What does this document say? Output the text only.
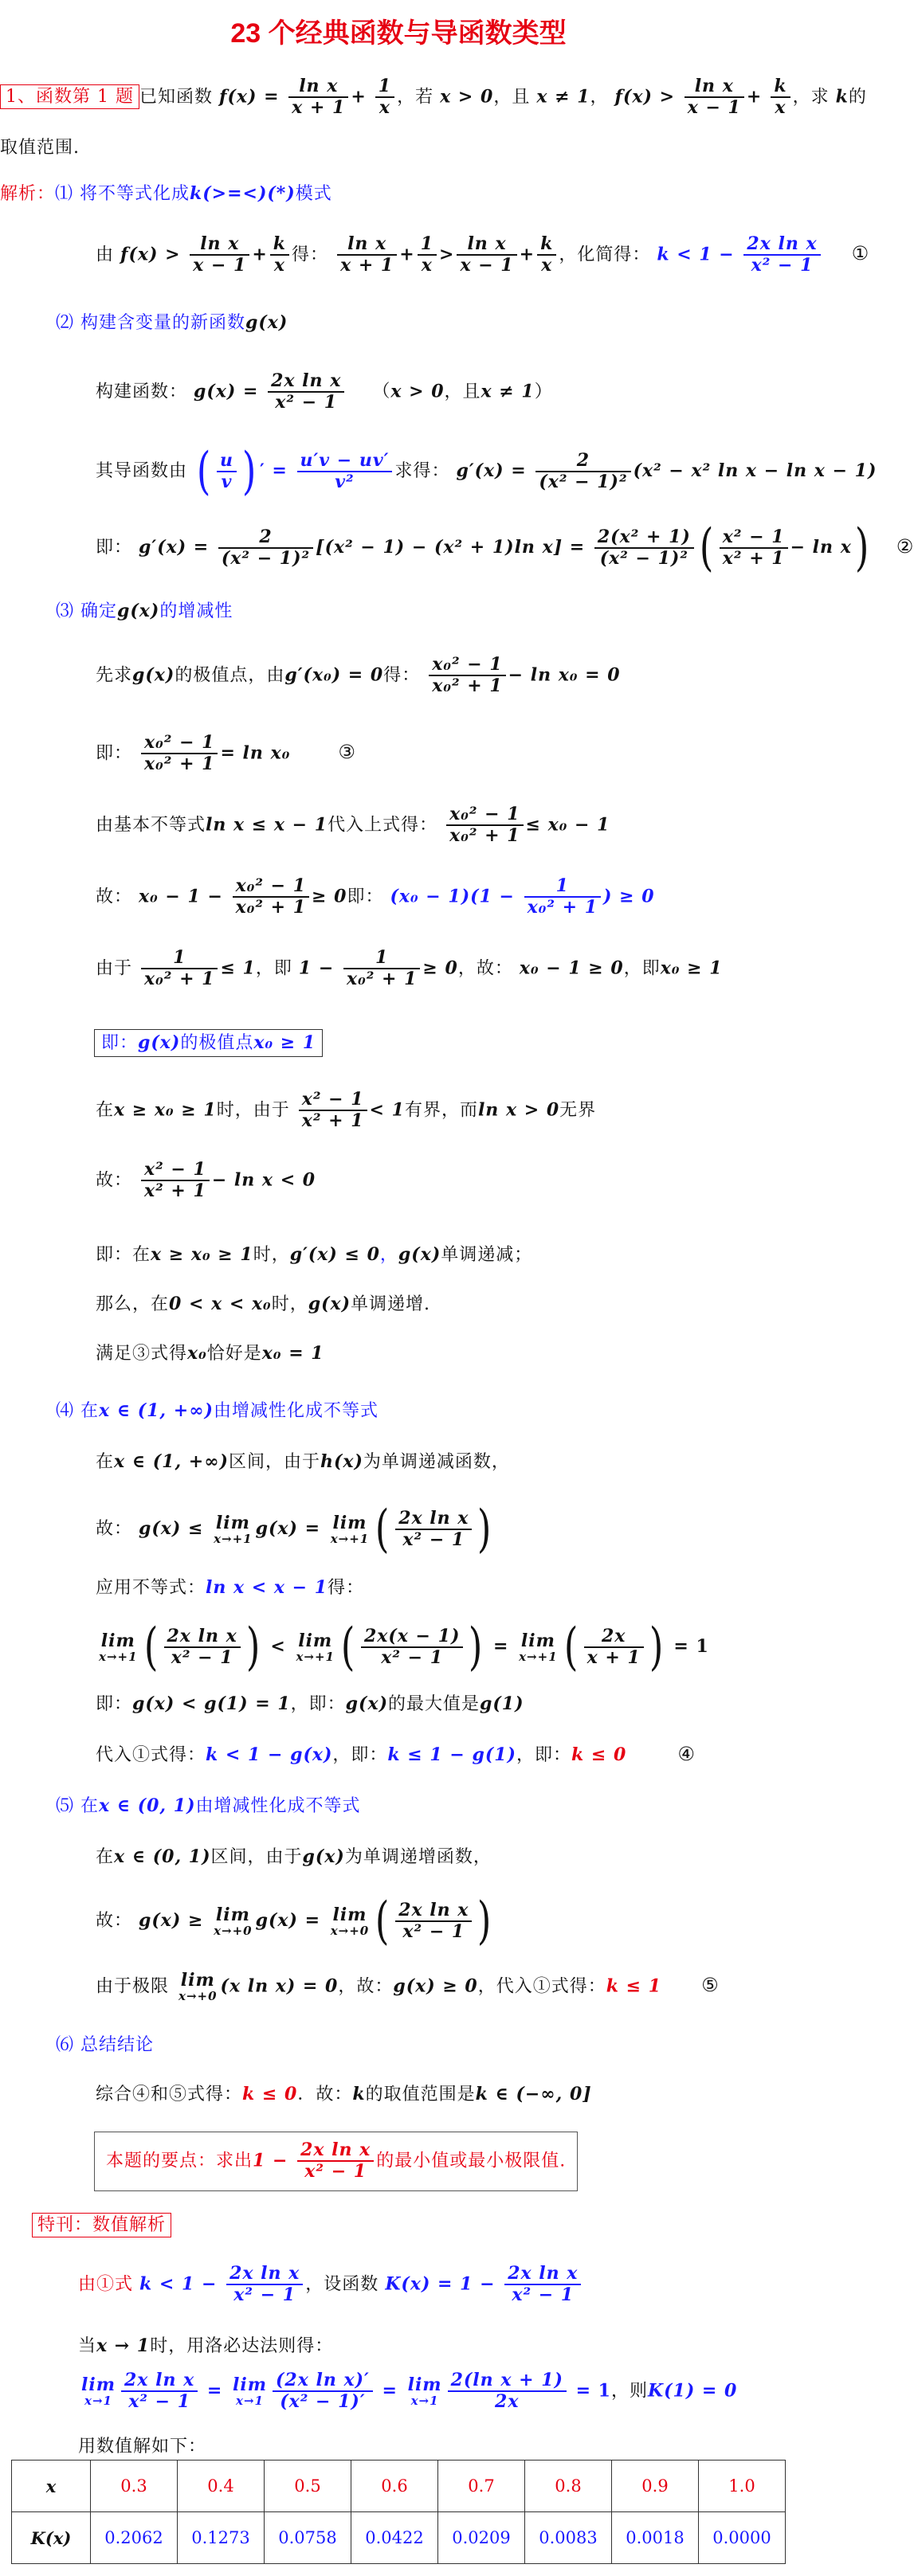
23 个经典函数与导函数类型
1、函数第 1 题 已知函数 $f(x) = \frac{\text{ln x}}{x + 1} + \frac{1}{x}$ ，若 x > 0，且 x ≠ 1， $f(x) > \frac{\text{ln x}}{x - 1} + \frac{k}{x}$ ，求 k的
取值范围.
解析：⑴ 将不等式化成k(>=<)(*)模式
由 $f(x) > \frac{\text{ln x}}{x - 1} + \frac{k}{x}$ 得： $\frac{\text{ln x}}{x + 1} + \frac{1}{x} > \frac{\text{ln x}}{x - 1} + \frac{k}{x}$ ，化简得： $k < 1 - \frac{\text{2x ln x}}{\text{x² − 1}}$ ①
⑵ 构建含变量的新函数g(x)
构建函数： $g(x) = \frac{\text{2x ln x}}{\text{x² − 1}} (x > 0$，且x ≠ 1）
其导函数由 ( $\frac{u}{v}$ ) ′ = $\frac{u'v - uv'}{\text{v²}}$ 求得： $g'(x) = \frac{2}{\text{(x² − 1)²}} (x^2 - x^2$ ln x − ln x − 1)
即： $g'(x) = \frac{2}{\text{(x² − 1)²}} [(x^2 - 1) - (x^2 + 1)\ln$ $x] = \frac{\text{2(x² + 1)}}{\text{(x² − 1)²}}$ ( $\frac{\text{x² − 1}}{\text{x² + 1}} - \ln x$) ②
⑶ 确定g(x)的增减性
先求g(x)的极值点，由g′(x₀) = 0得： $\frac{\text{x₀² − 1}}{\text{x₀² + 1}} - \ln x_0 = 0$
即： $\frac{\text{x₀² − 1}}{\text{x₀² + 1}} = \ln x_0$	③
由基本不等式ln x ≤ x − 1代入上式得： $\frac{\text{x₀² − 1}}{\text{x₀² + 1}} \le x_0 - 1$
故： $x_0 - 1 - \frac{\text{x₀² − 1}}{\text{x₀² + 1}} \ge 0$即： $(x_0 - 1)(1 - \frac{1}{\text{x₀² + 1}}$ ) ≥ 0
由于 $\frac{1}{\text{x₀² + 1}} \le 1$，即 $1 - \frac{1}{\text{x₀² + 1}} \ge 0$，故： x₀ − 1 ≥ 0，即x₀ ≥ 1
即：g(x)的极值点x₀ ≥ 1
在x ≥ x₀ ≥ 1时，由于 $\frac{\text{x² − 1}}{\text{x² + 1}} < 1$有界，而ln x > 0无界
故： $\frac{\text{x² − 1}}{\text{x² + 1}} - \ln x < 0$
即：在x ≥ x₀ ≥ 1时，g′(x) ≤ 0，g(x)单调递减；
那么，在0 < x < x₀时，g(x)单调递增.
满足③式得x₀恰好是x₀ = 1
⑷ 在x ∈ (1, +∞)由增减性化成不等式
在x ∈ (1, +∞)区间，由于h(x)为单调递减函数，
故： g(x) ≤ lim
x→+1 g(x) = lim
x→+1 ( $\frac{\text{2x ln x}}{\text{x² − 1}}$ )
应用不等式：ln x < x − 1得：
lim
x→+1 ( $\frac{\text{2x ln x}}{\text{x² − 1}}$ ) < lim
x→+1 ( $\frac{2x(x - 1)}{\text{x² − 1}}$ ) = lim
x→+1 ( $\frac{2x}{x + 1}$ ) = 1
即：g(x) < g(1) = 1，即：g(x)的最大值是g(1)
代入①式得：k < 1 − g(x)，即：k ≤ 1 − g(1)，即：k ≤ 0	④
⑸ 在x ∈ (0, 1)由增减性化成不等式
在x ∈ (0, 1)区间，由于g(x)为单调递增函数，
故： g(x) ≥ lim
x→+0 g(x) = lim
x→+0 ( $\frac{\text{2x ln x}}{\text{x² − 1}}$ )
由于极限 lim
x→+0 (x ln x) = 0，故：g(x) ≥ 0，代入①式得：k ≤ 1 ⑤
⑹ 总结结论
综合④和⑤式得：k ≤ 0．故：k的取值范围是k ∈ (−∞, 0]
本题的要点：求出$1 - \frac{\text{2x ln x}}{\text{x² − 1}}$ 的最小值或最小极限值.
特刊：数值解析
由①式 $k < 1 - \frac{\text{2x ln x}}{\text{x² − 1}}$ ，设函数 $K(x) = 1 - \frac{\text{2x ln x}}{\text{x² − 1}}$
当x → 1时，用洛必达法则得：
lim
$x\to 1 \frac{\text{2x ln x}}{\text{x² − 1}} = \lim$
$x\to 1 \frac{\text{(2x ln x)′}}{\text{(x² − 1)′}} = \lim$
$x\to 1 \frac{\text{2(ln x + 1)}}{2x} = 1$，则K(1) = 0
用数值解如下：
x	0.3	0.4	0.5	0.6	0.7	0.8	0.9	1.0
K(x)	0.2062	0.1273	0.0758	0.0422	0.0209	0.0083	0.0018	0.0000
